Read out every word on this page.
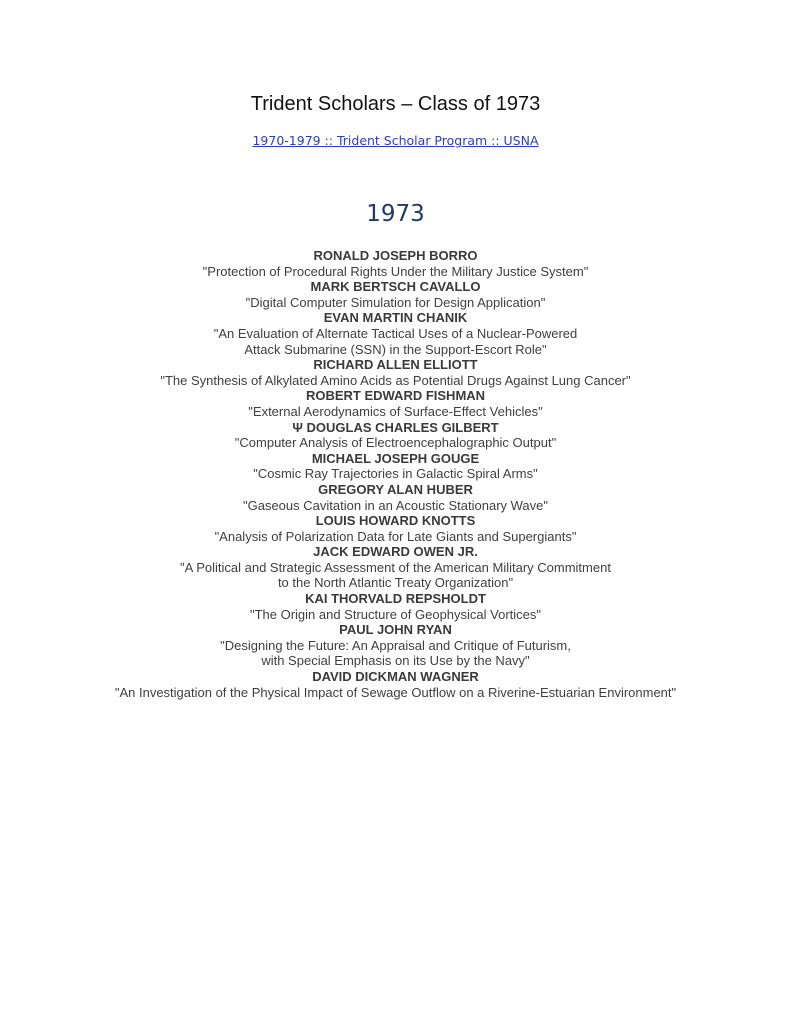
Trident Scholars – Class of 1973
1970-1979 :: Trident Scholar Program :: USNA
1973
RONALD JOSEPH BORRO
"Protection of Procedural Rights Under the Military Justice System"
MARK BERTSCH CAVALLO
"Digital Computer Simulation for Design Application"
EVAN MARTIN CHANIK
"An Evaluation of Alternate Tactical Uses of a Nuclear-Powered
Attack Submarine (SSN) in the Support-Escort Role"
RICHARD ALLEN ELLIOTT
"The Synthesis of Alkylated Amino Acids as Potential Drugs Against Lung Cancer"
ROBERT EDWARD FISHMAN
"External Aerodynamics of Surface-Effect Vehicles"
Ψ DOUGLAS CHARLES GILBERT
"Computer Analysis of Electroencephalographic Output"
MICHAEL JOSEPH GOUGE
"Cosmic Ray Trajectories in Galactic Spiral Arms"
GREGORY ALAN HUBER
"Gaseous Cavitation in an Acoustic Stationary Wave"
LOUIS HOWARD KNOTTS
"Analysis of Polarization Data for Late Giants and Supergiants"
JACK EDWARD OWEN JR.
"A Political and Strategic Assessment of the American Military Commitment
to the North Atlantic Treaty Organization"
KAI THORVALD REPSHOLDT
"The Origin and Structure of Geophysical Vortices"
PAUL JOHN RYAN
"Designing the Future: An Appraisal and Critique of Futurism,
with Special Emphasis on its Use by the Navy"
DAVID DICKMAN WAGNER
"An Investigation of the Physical Impact of Sewage Outflow on a Riverine-Estuarian Environment"
